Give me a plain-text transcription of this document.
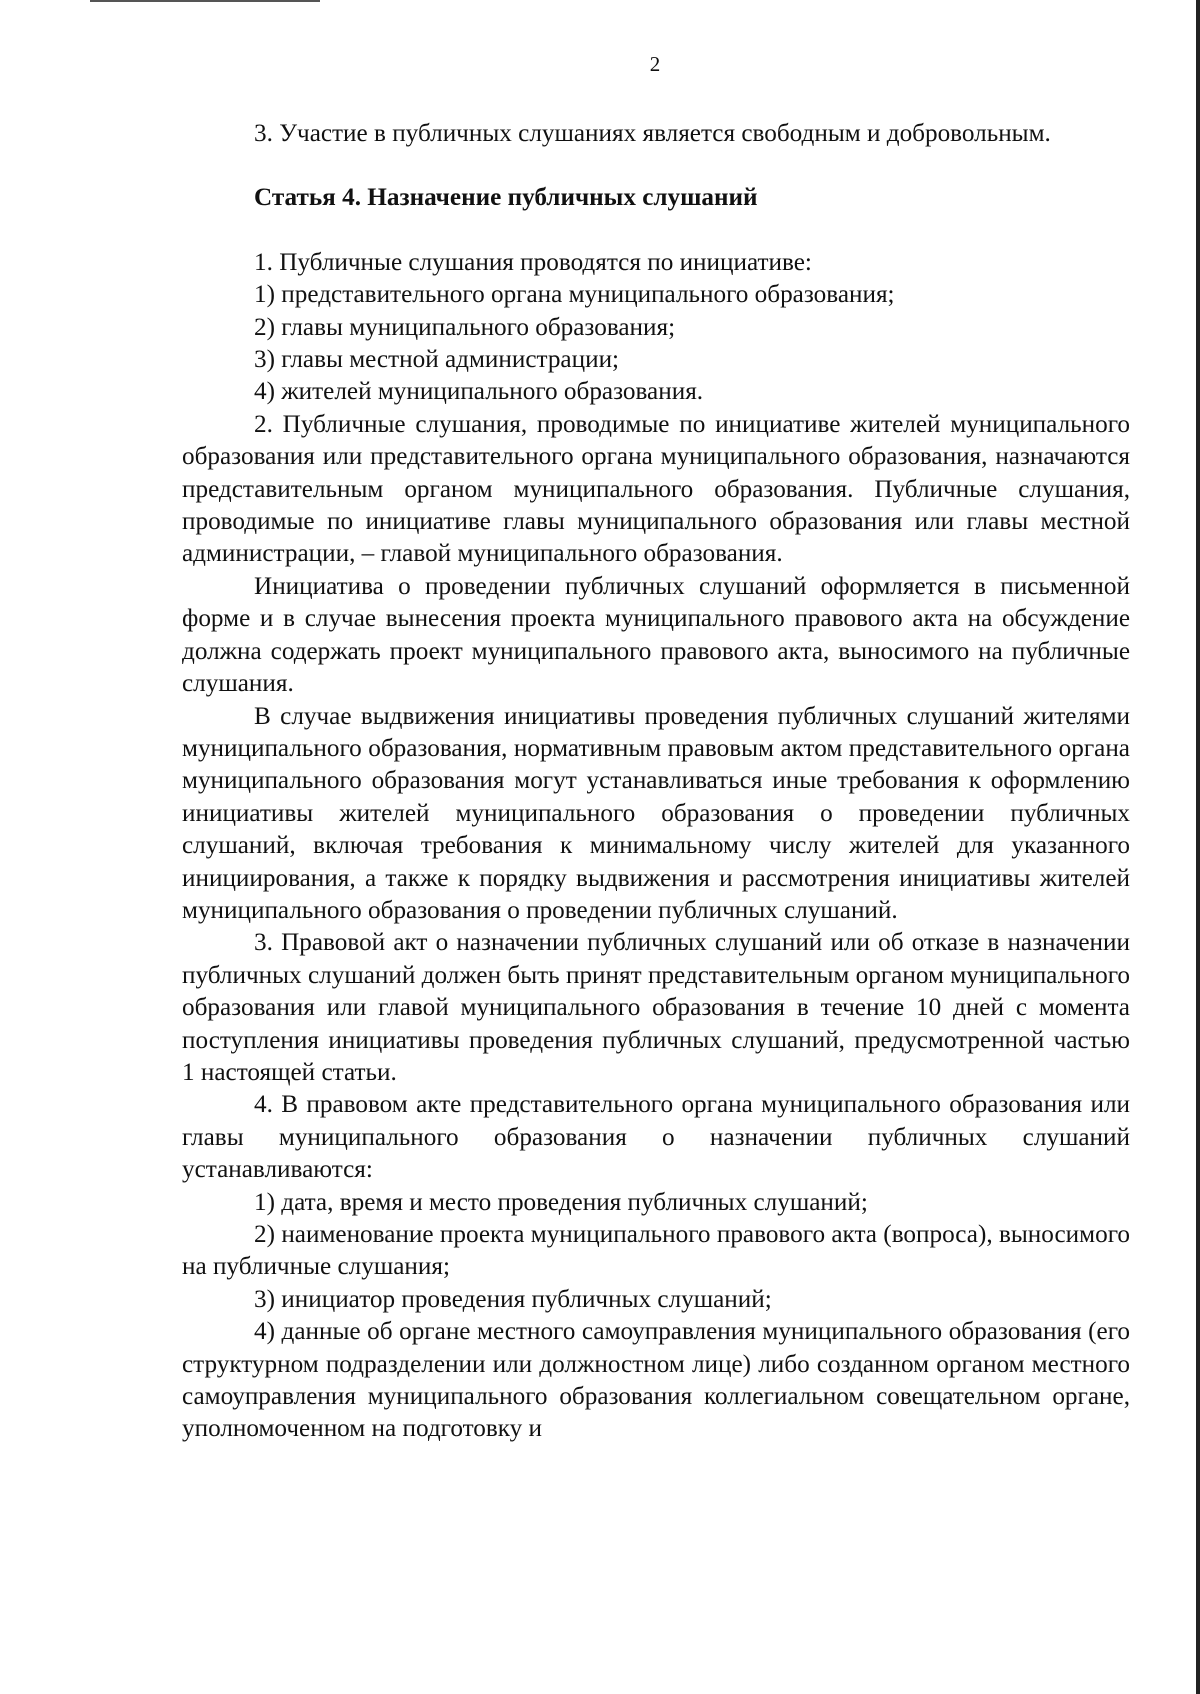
2

3. Участие в публичных слушаниях является свободным и добровольным.

Статья 4. Назначение публичных слушаний

1. Публичные слушания проводятся по инициативе:

1) представительного органа муниципального образования;

2) главы муниципального образования;

3) главы местной администрации;

4) жителей муниципального образования.

2. Публичные слушания, проводимые по инициативе жителей муниципального образования или представительного органа муниципального образования, назначаются представительным органом муниципального образования. Публичные слушания, проводимые по инициативе главы муниципального образования или главы местной администрации, – главой муниципального образования.

Инициатива о проведении публичных слушаний оформляется в письменной форме и в случае вынесения проекта муниципального правового акта на обсуждение должна содержать проект муниципального правового акта, выносимого на публичные слушания.

В случае выдвижения инициативы проведения публичных слушаний жителями муниципального образования, нормативным правовым актом представительного органа муниципального образования могут устанавливаться иные требования к оформлению инициативы жителей муниципального образования о проведении публичных слушаний, включая требования к минимальному числу жителей для указанного инициирования, а также к порядку выдвижения и рассмотрения инициативы жителей муниципального образования о проведении публичных слушаний.

3. Правовой акт о назначении публичных слушаний или об отказе в назначении публичных слушаний должен быть принят представительным органом муниципального образования или главой муниципального образования в течение 10 дней с момента поступления инициативы проведения публичных слушаний, предусмотренной частью 1 настоящей статьи.

4. В правовом акте представительного органа муниципального образования или главы муниципального образования о назначении публичных слушаний устанавливаются:

1) дата, время и место проведения публичных слушаний;

2) наименование проекта муниципального правового акта (вопроса), выносимого на публичные слушания;

3) инициатор проведения публичных слушаний;

4) данные об органе местного самоуправления муниципального образования (его структурном подразделении или должностном лице) либо созданном органом местного самоуправления муниципального образования коллегиальном совещательном органе, уполномоченном на подготовку и
